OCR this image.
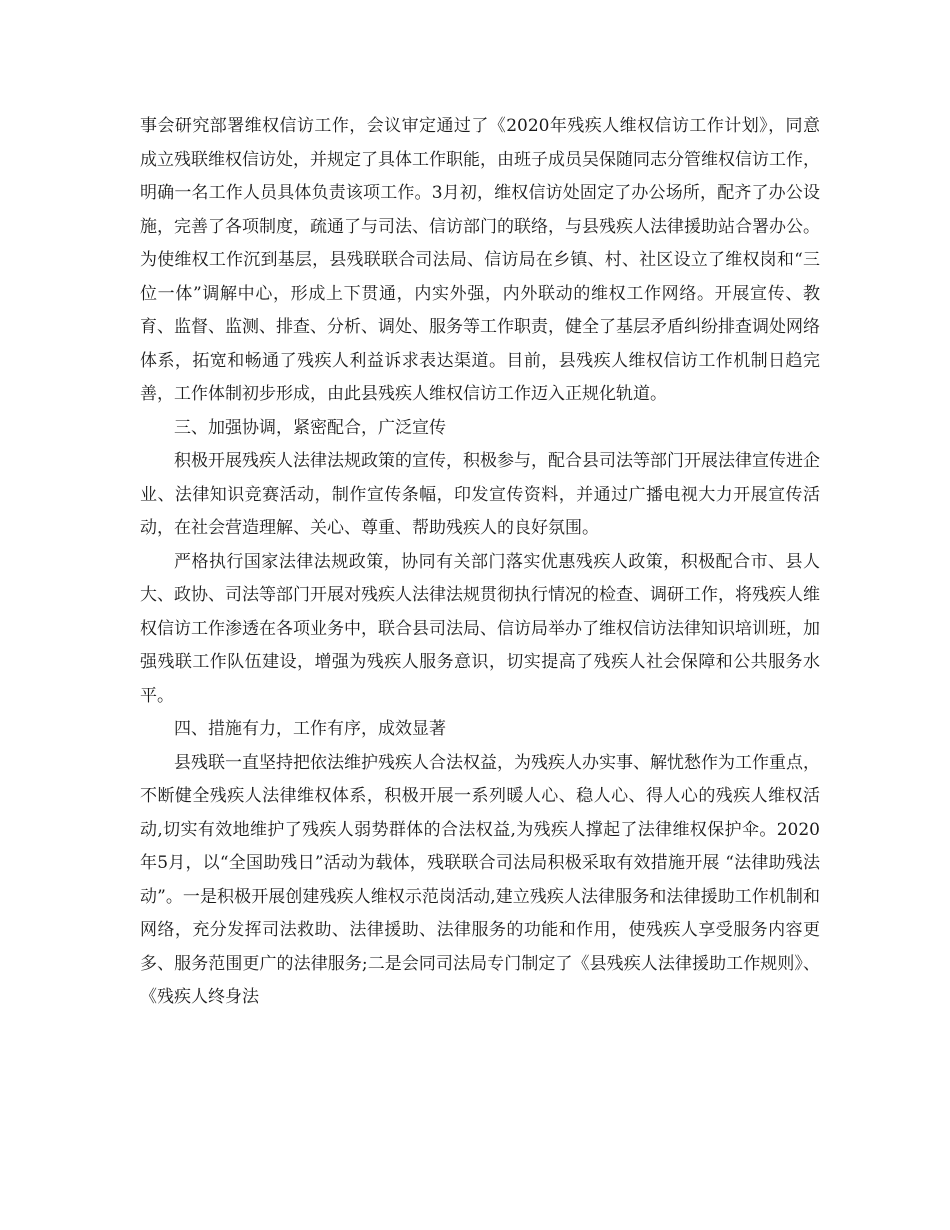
事会研究部署维权信访工作，会议审定通过了《2020年残疾人维权信访工作计划》，同意成立残联维权信访处，并规定了具体工作职能，由班子成员吴保随同志分管维权信访工作，明确一名工作人员具体负责该项工作。3月初，维权信访处固定了办公场所，配齐了办公设施，完善了各项制度，疏通了与司法、信访部门的联络，与县残疾人法律援助站合署办公。为使维权工作沉到基层，县残联联合司法局、信访局在乡镇、村、社区设立了维权岗和“三位一体”调解中心，形成上下贯通，内实外强，内外联动的维权工作网络。开展宣传、教育、监督、监测、排查、分析、调处、服务等工作职责，健全了基层矛盾纠纷排查调处网络体系，拓宽和畅通了残疾人利益诉求表达渠道。目前，县残疾人维权信访工作机制日趋完善，工作体制初步形成，由此县残疾人维权信访工作迈入正规化轨道。

三、加强协调，紧密配合，广泛宣传

积极开展残疾人法律法规政策的宣传，积极参与，配合县司法等部门开展法律宣传进企业、法律知识竞赛活动，制作宣传条幅，印发宣传资料，并通过广播电视大力开展宣传活动，在社会营造理解、关心、尊重、帮助残疾人的良好氛围。

严格执行国家法律法规政策，协同有关部门落实优惠残疾人政策，积极配合市、县人大、政协、司法等部门开展对残疾人法律法规贯彻执行情况的检查、调研工作，将残疾人维权信访工作渗透在各项业务中，联合县司法局、信访局举办了维权信访法律知识培训班，加强残联工作队伍建设，增强为残疾人服务意识，切实提高了残疾人社会保障和公共服务水平。

四、措施有力，工作有序，成效显著

县残联一直坚持把依法维护残疾人合法权益，为残疾人办实事、解忧愁作为工作重点，不断健全残疾人法律维权体系，积极开展一系列暖人心、稳人心、得人心的残疾人维权活动,切实有效地维护了残疾人弱势群体的合法权益,为残疾人撑起了法律维权保护伞。2020年5月，以“全国助残日”活动为载体，残联联合司法局积极采取有效措施开展 “法律助残法动”。一是积极开展创建残疾人维权示范岗活动,建立残疾人法律服务和法律援助工作机制和网络，充分发挥司法救助、法律援助、法律服务的功能和作用，使残疾人享受服务内容更多、服务范围更广的法律服务;二是会同司法局专门制定了《县残疾人法律援助工作规则》、《残疾人终身法
